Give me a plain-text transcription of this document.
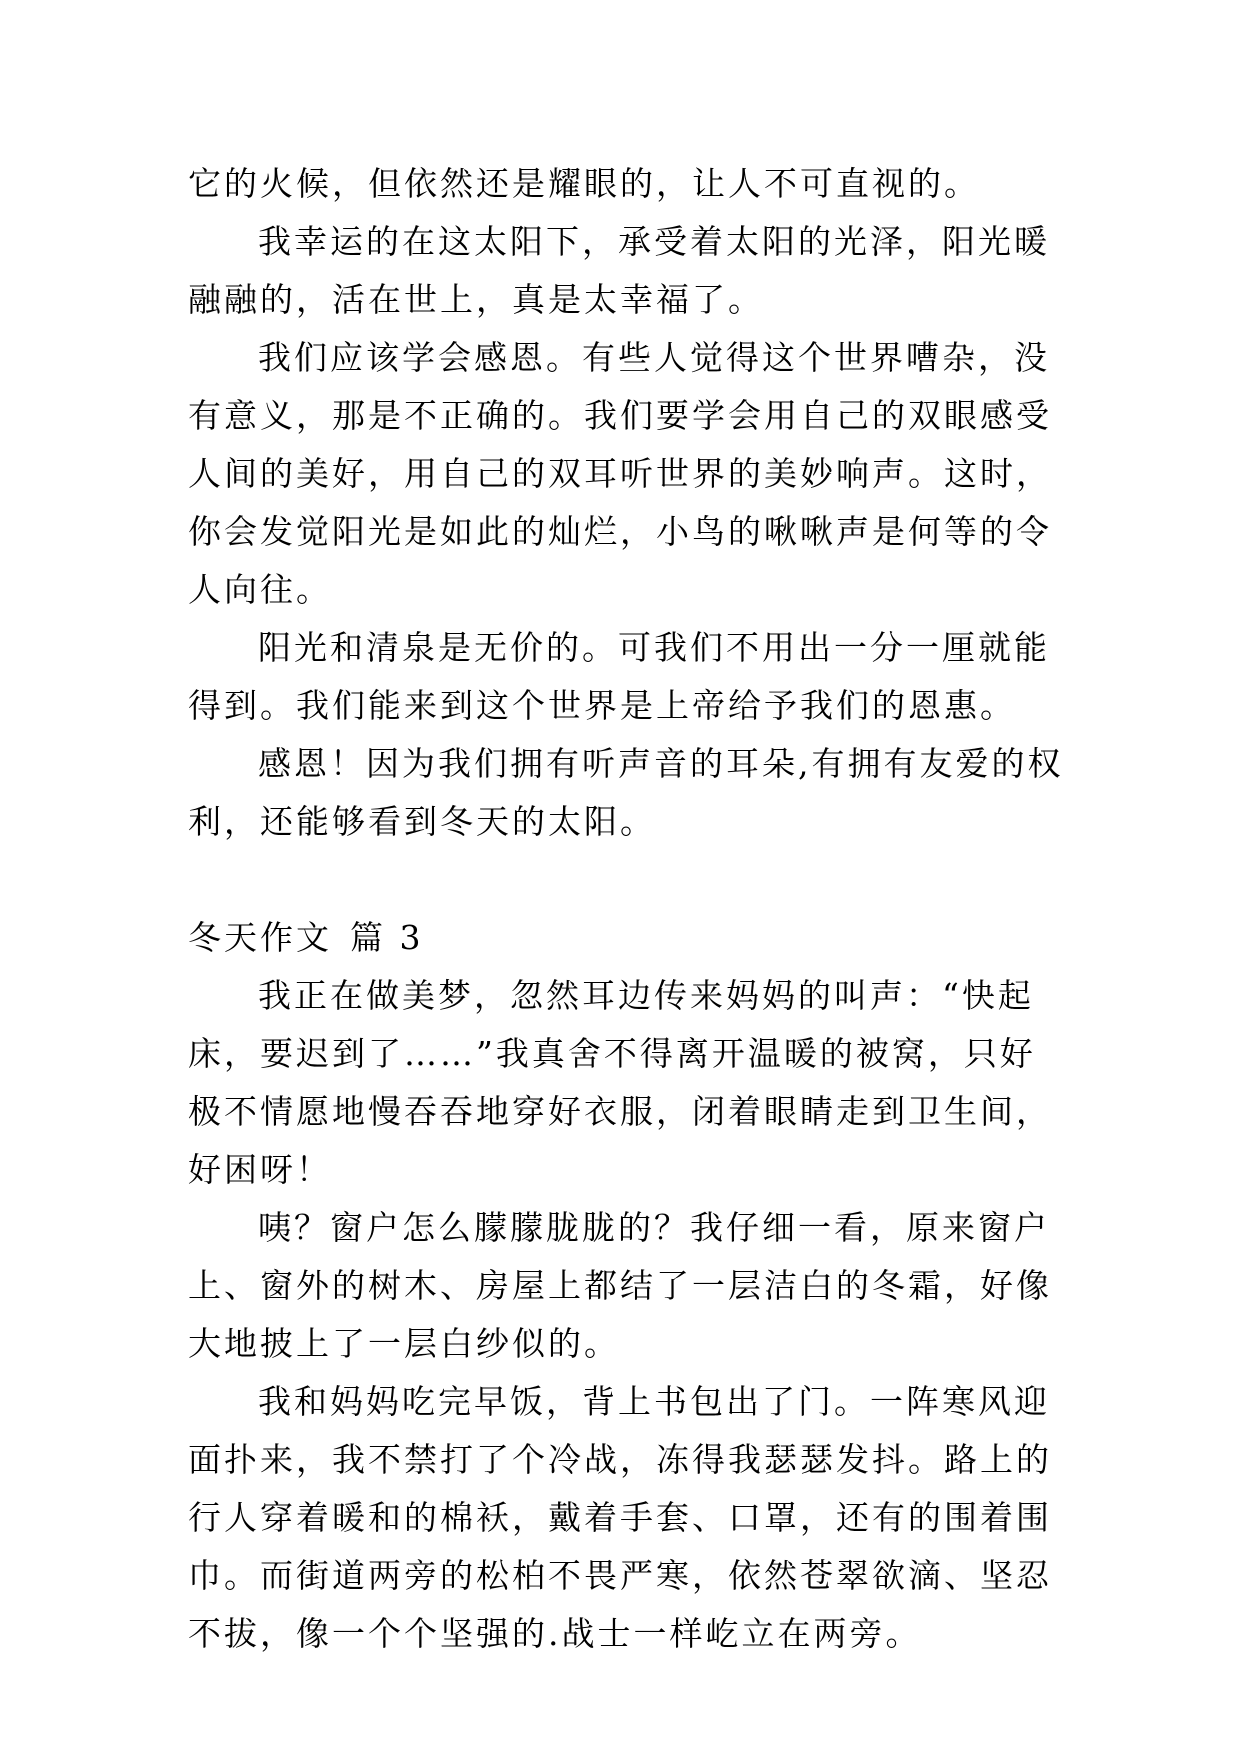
它的火候，但依然还是耀眼的，让人不可直视的。

我幸运的在这太阳下，承受着太阳的光泽，阳光暖融融的，活在世上，真是太幸福了。

我们应该学会感恩。有些人觉得这个世界嘈杂，没有意义，那是不正确的。我们要学会用自己的双眼感受人间的美好，用自己的双耳听世界的美妙响声。这时，你会发觉阳光是如此的灿烂，小鸟的啾啾声是何等的令人向往。

阳光和清泉是无价的。可我们不用出一分一厘就能得到。我们能来到这个世界是上帝给予我们的恩惠。

感恩！因为我们拥有听声音的耳朵,有拥有友爱的权利，还能够看到冬天的太阳。

冬天作文 篇 3

我正在做美梦，忽然耳边传来妈妈的叫声：“快起床，要迟到了……”我真舍不得离开温暖的被窝，只好极不情愿地慢吞吞地穿好衣服，闭着眼睛走到卫生间，好困呀！

咦？窗户怎么朦朦胧胧的？我仔细一看，原来窗户上、窗外的树木、房屋上都结了一层洁白的冬霜，好像大地披上了一层白纱似的。

我和妈妈吃完早饭，背上书包出了门。一阵寒风迎面扑来，我不禁打了个冷战，冻得我瑟瑟发抖。路上的行人穿着暖和的棉袄，戴着手套、口罩，还有的围着围巾。而街道两旁的松柏不畏严寒，依然苍翠欲滴、坚忍不拔，像一个个坚强的.战士一样屹立在两旁。
